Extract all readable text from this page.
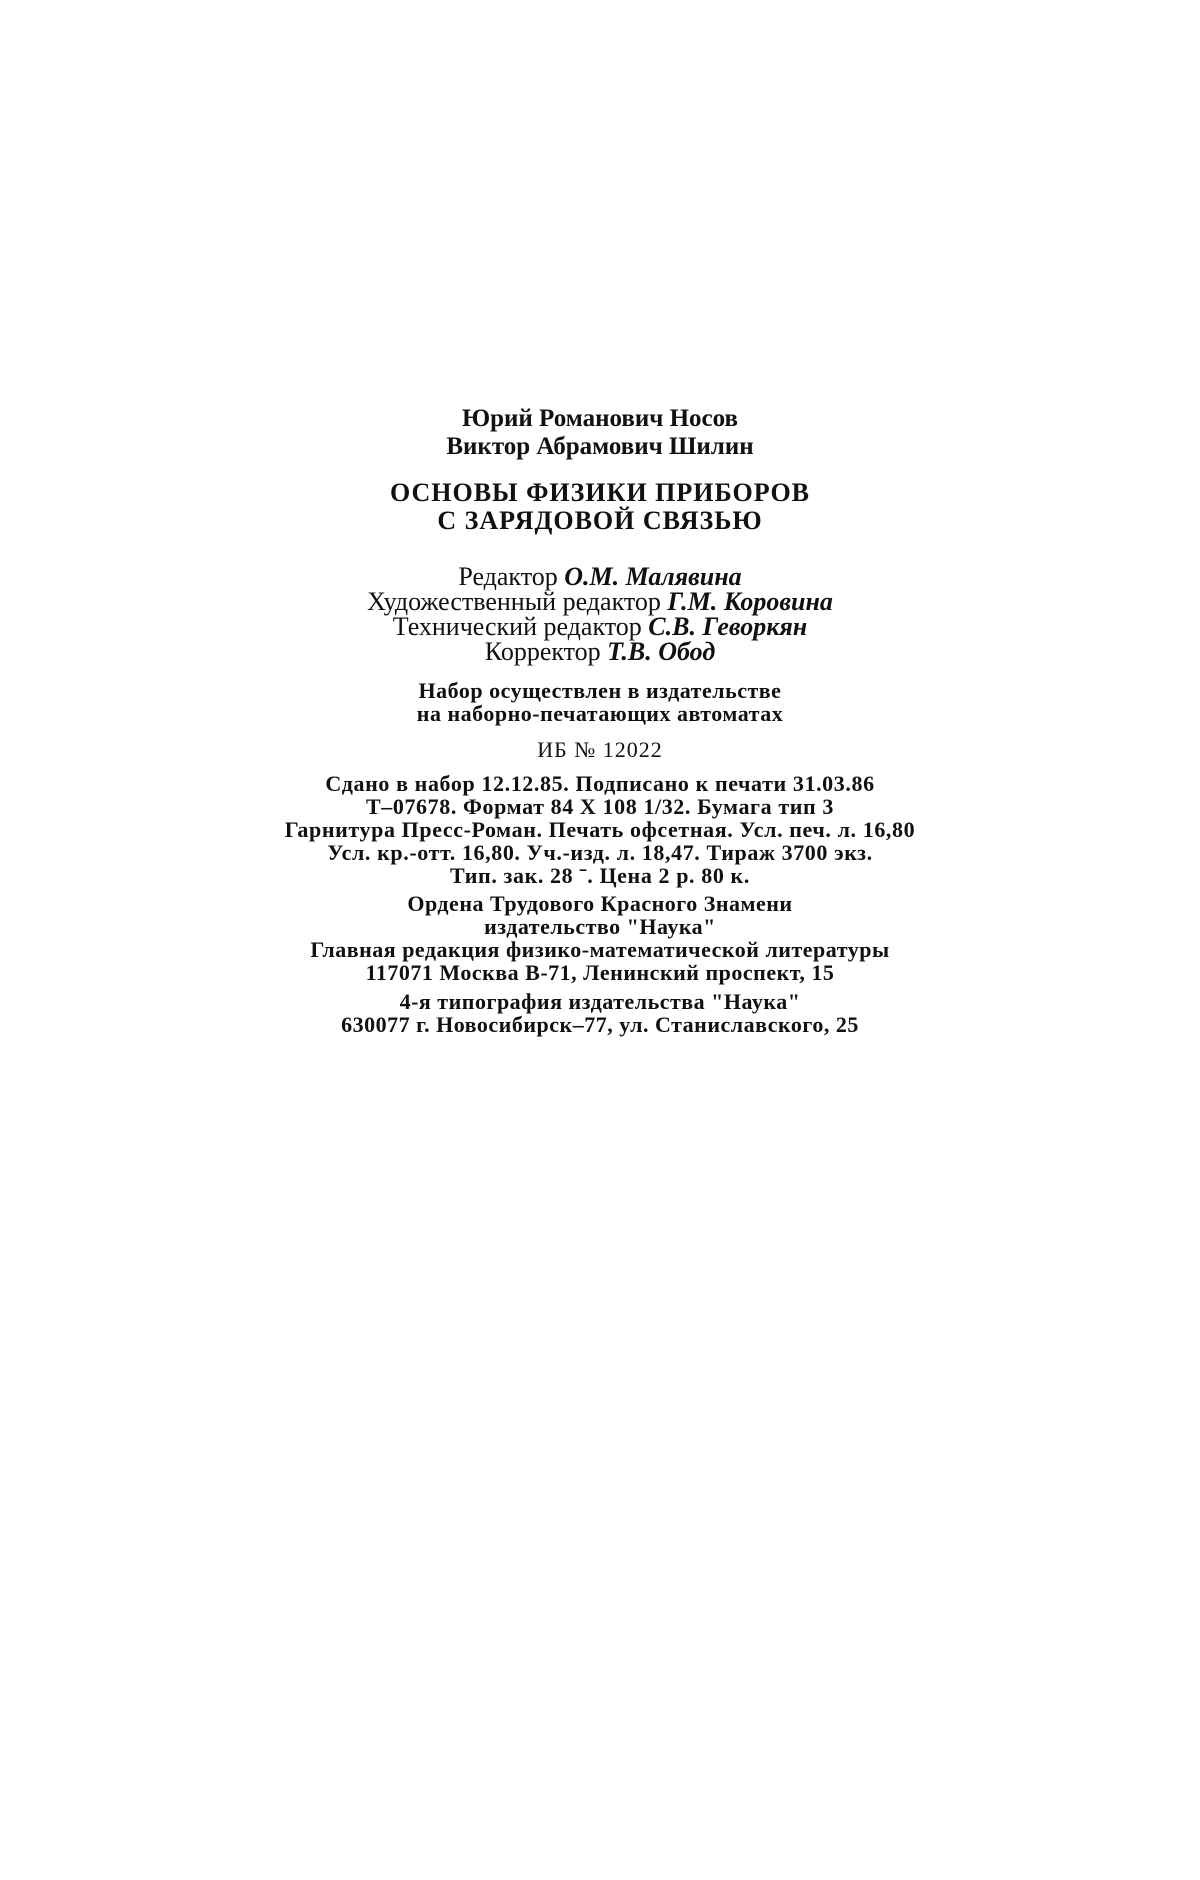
Юрий Романович Носов
Виктор Абрамович Шилин
ОСНОВЫ ФИЗИКИ ПРИБОРОВ
С ЗАРЯДОВОЙ СВЯЗЬЮ
Редактор О.М. Малявина
Художественный редактор Г.М. Коровина
Технический редактор С.В. Геворкян
Корректор Т.В. Обод
Набор осуществлен в издательстве
на наборно-печатающих автоматах
ИБ № 12022
Сдано в набор 12.12.85. Подписано к печати 31.03.86
Т–07678. Формат 84 X 108 1/32. Бумага тип 3
Гарнитура Пресс-Роман. Печать офсетная. Усл. печ. л. 16,80
Усл. кр.-отт. 16,80. Уч.-изд. л. 18,47. Тираж 3700 экз.
Тип. зак. 28 ˉ. Цена 2 р. 80 к.
Ордена Трудового Красного Знамени
издательство "Наука"
Главная редакция физико-математической литературы
117071 Москва В-71, Ленинский проспект, 15
4-я типография издательства "Наука"
630077 г. Новосибирск–77, ул. Станиславского, 25
